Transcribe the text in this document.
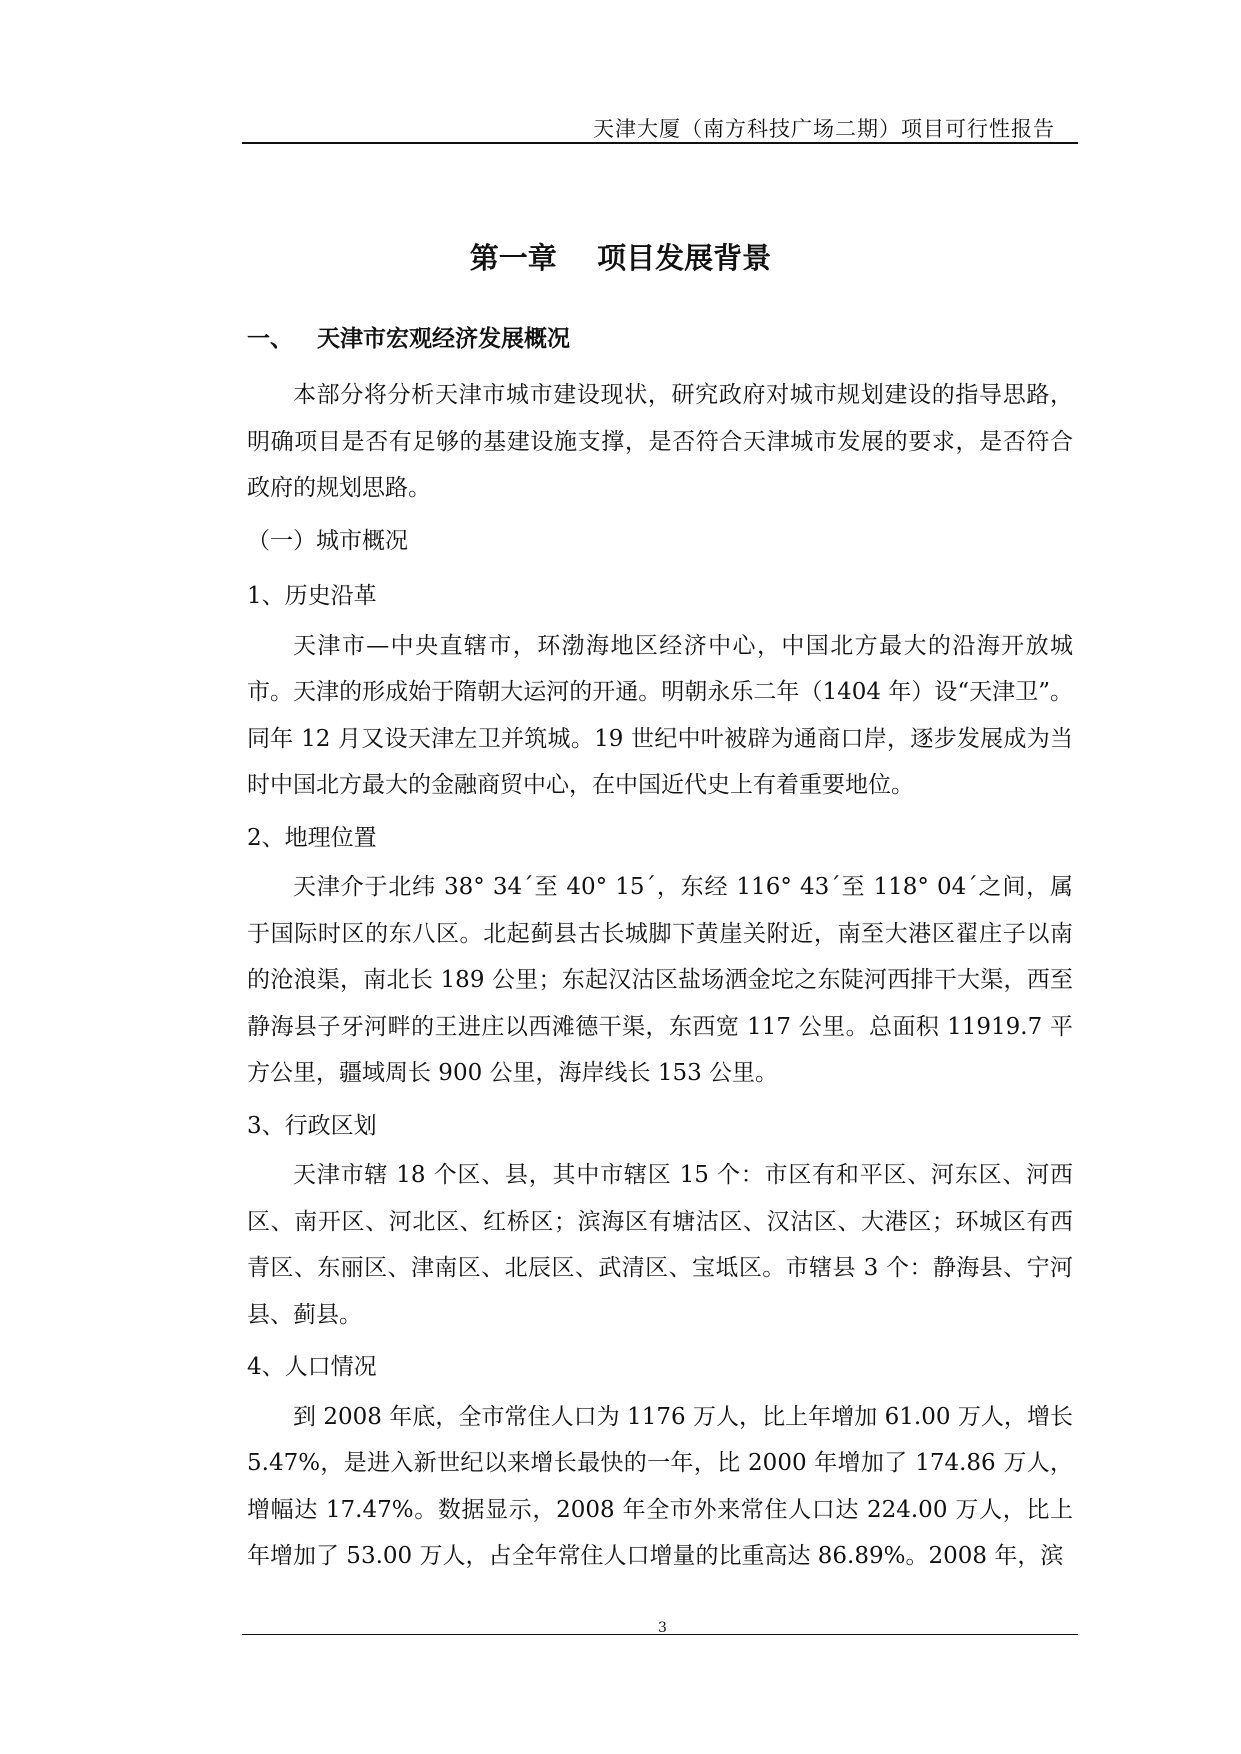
天津大厦（南方科技广场二期）项目可行性报告
第一章    项目发展背景
一、   天津市宏观经济发展概况

本部分将分析天津市城市建设现状，研究政府对城市规划建设的指导思路，明确项目是否有足够的基建设施支撑，是否符合天津城市发展的要求，是否符合政府的规划思路。

（一）城市概况

1、历史沿革

天津市—中央直辖市，环渤海地区经济中心，中国北方最大的沿海开放城市。天津的形成始于隋朝大运河的开通。明朝永乐二年（1404 年）设“天津卫”。同年 12 月又设天津左卫并筑城。19 世纪中叶被辟为通商口岸，逐步发展成为当时中国北方最大的金融商贸中心，在中国近代史上有着重要地位。

2、地理位置

天津介于北纬 38° 34´至 40° 15´，东经 116° 43´至 118° 04´之间，属于国际时区的东八区。北起蓟县古长城脚下黄崖关附近，南至大港区翟庄子以南的沧浪渠，南北长 189 公里；东起汉沽区盐场洒金坨之东陡河西排干大渠，西至静海县子牙河畔的王进庄以西滩德干渠，东西宽 117 公里。总面积 11919.7 平方公里，疆域周长 900 公里，海岸线长 153 公里。

3、行政区划

天津市辖 18 个区、县，其中市辖区 15 个：市区有和平区、河东区、河西区、南开区、河北区、红桥区；滨海区有塘沽区、汉沽区、大港区；环城区有西青区、东丽区、津南区、北辰区、武清区、宝坻区。市辖县 3 个：静海县、宁河县、蓟县。

4、人口情况

到 2008 年底，全市常住人口为 1176 万人，比上年增加 61.00 万人，增长 5.47%，是进入新世纪以来增长最快的一年，比 2000 年增加了 174.86 万人，增幅达 17.47%。数据显示，2008 年全市外来常住人口达 224.00 万人，比上年增加了 53.00 万人，占全年常住人口增量的比重高达 86.89%。2008 年，滨

3
